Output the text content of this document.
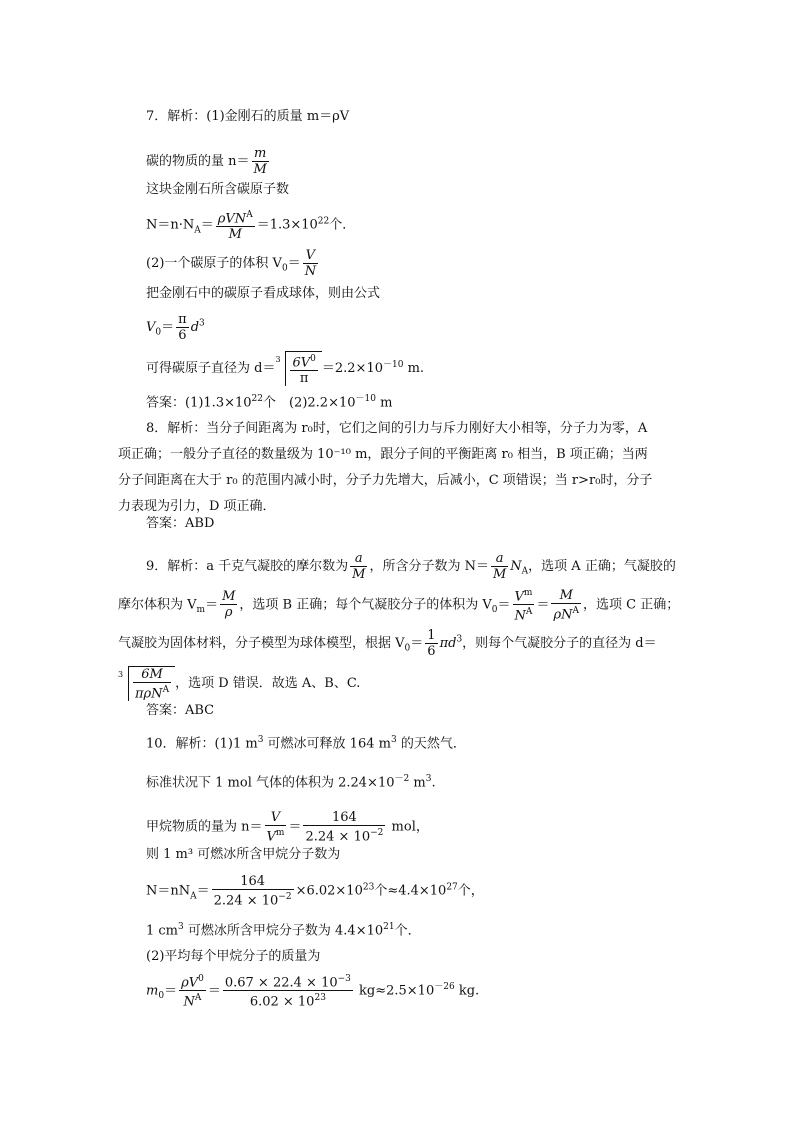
7．解析：(1)金刚石的质量 m＝ρV
碳的物质的量 $n= \frac{m}{M}$
这块金刚石所含碳原子数
$N=n\cdot N_A= \frac{\rho VN^A}{M} =1.3\times 10^{22}$个．
(2)一个碳原子的体积 $V_0= \frac{V}{N}$
把金刚石中的碳原子看成球体，则由公式
$V_0= \frac{\pi}{6} d^3$
可得碳原子直径为 d＝
$3 \frac{6V^0}{\pi} =2.2\times 10^{-10}$ m.
答案：$(1)1.3\times 10^{22}$个　$(2)2.2\times 10^{-10}$ m
8．解析：当分子间距离为 r₀时，它们之间的引力与斥力刚好大小相等，分子力为零，A
项正确；一般分子直径的数量级为 10⁻¹⁰ m，跟分子间的平衡距离 r₀ 相当，B 项正确；当两
分子间距离在大于 r₀ 的范围内减小时，分子力先增大，后减小，C 项错误；当 r>r₀时，分子
力表现为引力，D 项正确．
答案：ABD
9．解析：a 千克气凝胶的摩尔数为 $\frac{a}{M}$ ，所含分子数为 $N= \frac{a}{M} N_A$，选项 A 正确；气凝胶的
摩尔体积为 $V_m= \frac{M}{\rho}$ ，选项 B 正确；每个气凝胶分子的体积为 $V_0= \frac{V^m}{N^A} = \frac{M}{\rho N^A}$ ，选项 C 正确；
气凝胶为固体材料，分子模型为球体模型，根据 $V_0= \frac{1}{6} \pi d^3$，则每个气凝胶分子的直径为 d＝
$3 \frac{6M}{\pi\rho N^A}$ ，选项 D 错误．故选 A、B、C.
答案：ABC
10．解析：(1)1 $m^3$ 可燃冰可释放 164 $m^3$ 的天然气．
标准状况下 1 mol 气体的体积为 $2.24\times 10^{-2}$ $m^3$.
甲烷物质的量为 $n= \frac{V}{V^m} = \frac{164}{2.24 \times 10^{-2}}$ mol，
则 1 m³ 可燃冰所含甲烷分子数为
$N=nN_A= \frac{164}{2.24 \times 10^{-2}} \times 6.02\times 10^{23}$个$\approx 4.4\times 10^{27}$个，
1 $cm^3$ 可燃冰所含甲烷分子数为 $4.4\times 10^{21}$个．
(2)平均每个甲烷分子的质量为
$m_0= \frac{\rho V^0}{N^A} = \frac{0.67 \times 22.4 \times 10^{-3}}{6.02 \times 10^{23}} kg\approx 2.5\times 10^{-26}$ kg.
